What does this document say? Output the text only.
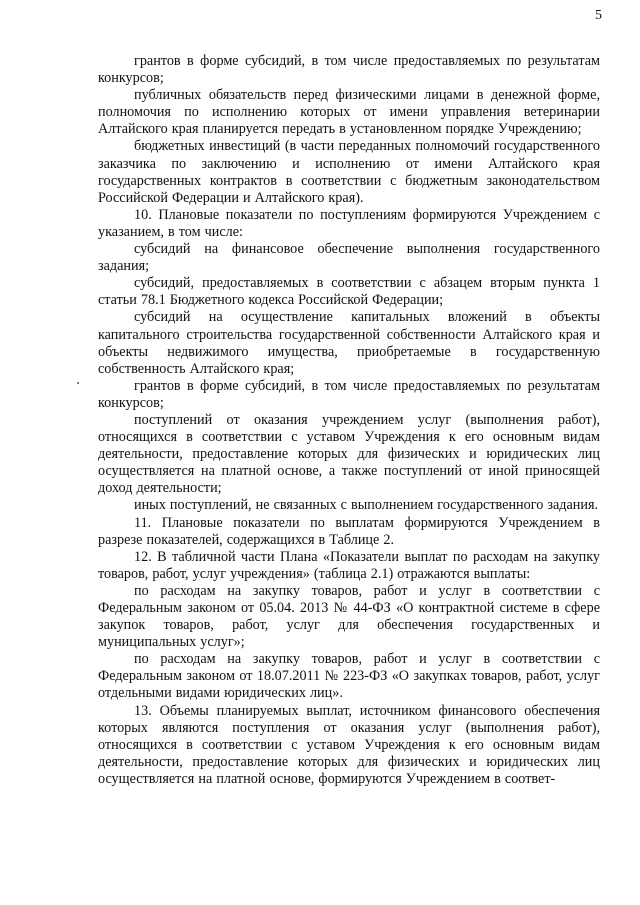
5

грантов в форме субсидий, в том числе предоставляемых по результатам конкурсов;

публичных обязательств перед физическими лицами в денежной форме, полномочия по исполнению которых от имени управления ветеринарии Алтайского края планируется передать в установленном порядке Учреждению;

бюджетных инвестиций (в части переданных полномочий государственного заказчика по заключению и исполнению от имени Алтайского края государственных контрактов в соответствии с бюджетным законодательством Российской Федерации и Алтайского края).

10. Плановые показатели по поступлениям формируются Учреждением с указанием, в том числе:

субсидий на финансовое обеспечение выполнения государственного задания;

субсидий, предоставляемых в соответствии с абзацем вторым пункта 1 статьи 78.1 Бюджетного кодекса Российской Федерации;

субсидий на осуществление капитальных вложений в объекты капитального строительства государственной собственности Алтайского края и объекты недвижимого имущества, приобретаемые в государственную собственность Алтайского края;

грантов в форме субсидий, в том числе предоставляемых по результатам конкурсов;

поступлений от оказания учреждением услуг (выполнения работ), относящихся в соответствии с уставом Учреждения к его основным видам деятельности, предоставление которых для физических и юридических лиц осуществляется на платной основе, а также поступлений от иной приносящей доход деятельности;

иных поступлений, не связанных с выполнением государственного задания.

11. Плановые показатели по выплатам формируются Учреждением в разрезе показателей, содержащихся в Таблице 2.

12. В табличной части Плана «Показатели выплат по расходам на закупку товаров, работ, услуг учреждения» (таблица 2.1) отражаются выплаты:

по расходам на закупку товаров, работ и услуг в соответствии с Федеральным законом от 05.04. 2013 № 44-ФЗ «О контрактной системе в сфере закупок товаров, работ, услуг для обеспечения государственных и муниципальных услуг»;

по расходам на закупку товаров, работ и услуг в соответствии с Федеральным законом от 18.07.2011 № 223-ФЗ «О закупках товаров, работ, услуг отдельными видами юридических лиц».

13. Объемы планируемых выплат, источником финансового обеспечения которых являются поступления от оказания услуг (выполнения работ), относящихся в соответствии с уставом Учреждения к его основным видам деятельности, предоставление которых для физических и юридических лиц осуществляется на платной основе, формируются Учреждением в соответ-
